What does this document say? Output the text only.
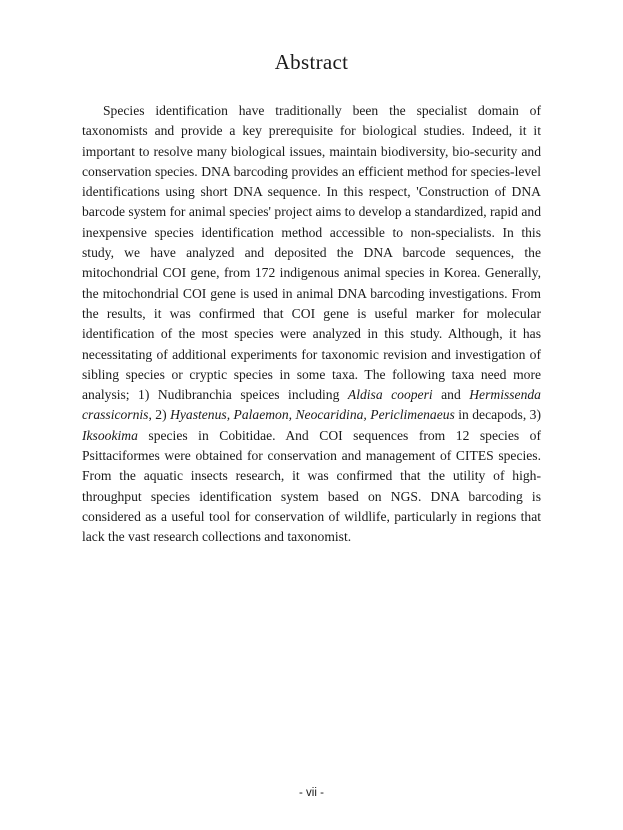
Abstract

Species identification have traditionally been the specialist domain of taxonomists and provide a key prerequisite for biological studies. Indeed, it it important to resolve many biological issues, maintain biodiversity, bio-security and conservation species. DNA barcoding provides an efficient method for species-level identifications using short DNA sequence. In this respect, 'Construction of DNA barcode system for animal species' project aims to develop a standardized, rapid and inexpensive species identification method accessible to non-specialists. In this study, we have analyzed and deposited the DNA barcode sequences, the mitochondrial COI gene, from 172 indigenous animal species in Korea. Generally, the mitochondrial COI gene is used in animal DNA barcoding investigations. From the results, it was confirmed that COI gene is useful marker for molecular identification of the most species were analyzed in this study. Although, it has necessitating of additional experiments for taxonomic revision and investigation of sibling species or cryptic species in some taxa. The following taxa need more analysis; 1) Nudibranchia speices including Aldisa cooperi and Hermissenda crassicornis, 2) Hyastenus, Palaemon, Neocaridina, Periclimenaeus in decapods, 3) Iksookima species in Cobitidae. And COI sequences from 12 species of Psittaciformes were obtained for conservation and management of CITES species. From the aquatic insects research, it was confirmed that the utility of high-throughput species identification system based on NGS. DNA barcoding is considered as a useful tool for conservation of wildlife, particularly in regions that lack the vast research collections and taxonomist.

- vii -
